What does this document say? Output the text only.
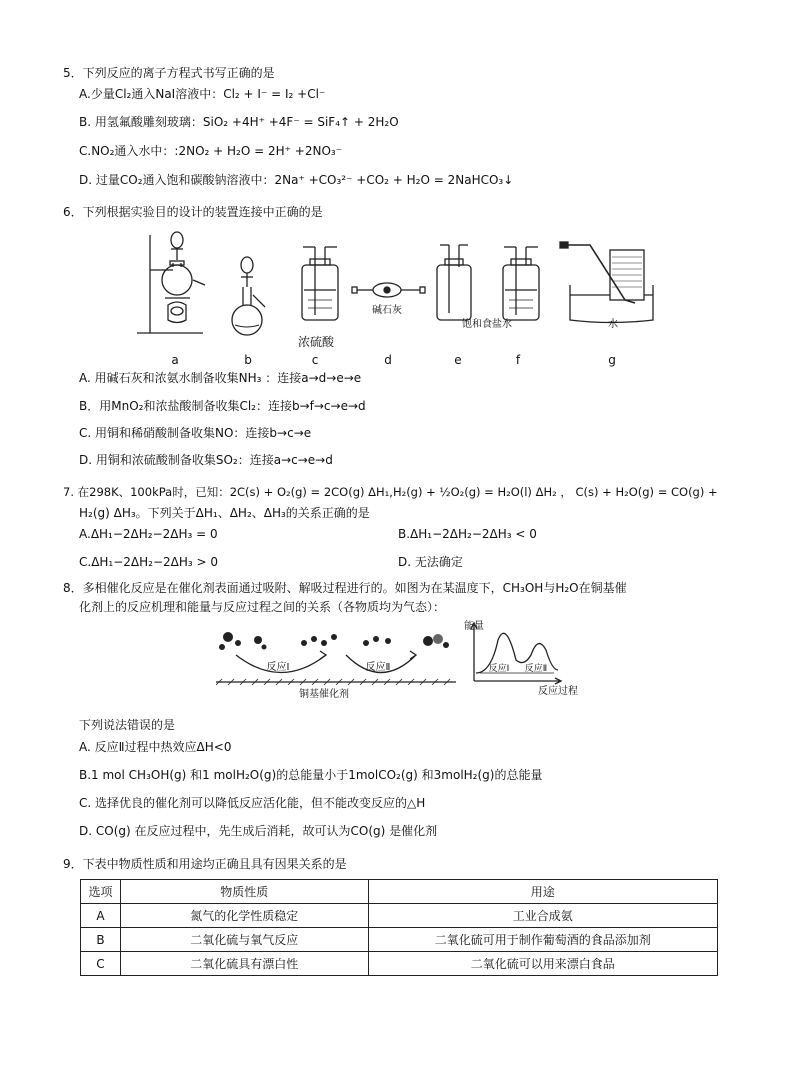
5．下列反应的离子方程式书写正确的是
A.少量Cl₂通入NaI溶液中：Cl₂ + I⁻ = I₂ +Cl⁻
B. 用氢氟酸雕刻玻璃：SiO₂ +4H⁺ +4F⁻ = SiF₄↑ + 2H₂O
C.NO₂通入水中：:2NO₂ + H₂O = 2H⁺ +2NO₃⁻
D. 过量CO₂通入饱和碳酸钠溶液中：2Na⁺ +CO₃²⁻ +CO₂ + H₂O = 2NaHCO₃↓
6．下列根据实验目的设计的装置连接中正确的是
饱和食盐水
碱石灰
水
浓硫酸
a	b	c	d	e	f	g
A. 用碱石灰和浓氨水制备收集NH₃ ：连接a→d→e→e
B．用MnO₂和浓盐酸制备收集Cl₂：连接b→f→c→e→d
C. 用铜和稀硝酸制备收集NO：连接b→c→e
D. 用铜和浓硫酸制备收集SO₂：连接a→c→e→d
7. 在298K、100kPa时，已知：2C(s) + O₂(g) = 2CO(g) ΔH₁,H₂(g) + ½O₂(g) = H₂O(l) ΔH₂ ， C(s) + H₂O(g) = CO(g) +
H₂(g) ΔH₃。下列关于ΔH₁、ΔH₂、ΔH₃的关系正确的是
A.ΔH₁−2ΔH₂−2ΔH₃ = 0	B.ΔH₁−2ΔH₂−2ΔH₃ < 0
C.ΔH₁−2ΔH₂−2ΔH₃ > 0	D. 无法确定
8．多相催化反应是在催化剂表面通过吸附、解吸过程进行的。如图为在某温度下，CH₃OH与H₂O在铜基催
化剂上的反应机理和能量与反应过程之间的关系（各物质均为气态）：
反应Ⅰ	反应Ⅱ
铜基催化剂
能量
反应Ⅰ 反应Ⅱ
反应过程
下列说法错误的是
A. 反应Ⅱ过程中热效应ΔH<0
B.1 mol CH₃OH(g) 和1 molH₂O(g)的总能量小于1molCO₂(g) 和3molH₂(g)的总能量
C. 选择优良的催化剂可以降低反应活化能，但不能改变反应的△H
D. CO(g) 在反应过程中，先生成后消耗，故可认为CO(g) 是催化剂
9．下表中物质性质和用途均正确且具有因果关系的是
选项	物质性质	用途
A	氮气的化学性质稳定	工业合成氨
B	二氧化硫与氧气反应	二氧化硫可用于制作葡萄酒的食品添加剂
C	二氧化硫具有漂白性	二氧化硫可以用来漂白食品
